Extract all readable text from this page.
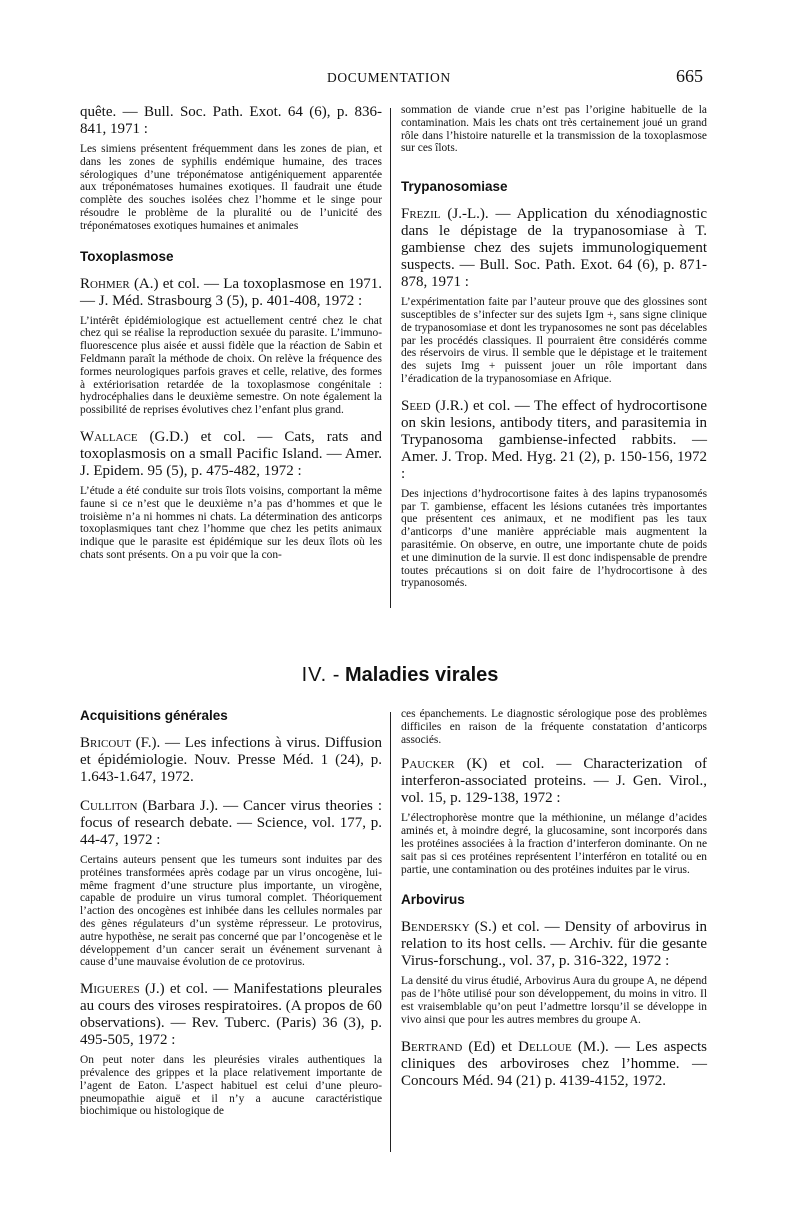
DOCUMENTATION	665

quête. — Bull. Soc. Path. Exot. 64 (6), p. 836-841, 1971 :

Les simiens présentent fréquemment dans les zones de pian, et dans les zones de syphilis endémique humaine, des traces sérologiques d’une tréponématose antigéniquement apparentée aux tréponématoses humaines exotiques. Il faudrait une étude complète des souches isolées chez l’homme et le singe pour résoudre le problème de la pluralité ou de l’unicité des tréponématoses exotiques humaines et animales

Toxoplasmose

Rohmer (A.) et col. — La toxoplasmose en 1971. — J. Méd. Strasbourg 3 (5), p. 401-408, 1972 :

L’intérêt épidémiologique est actuellement centré chez le chat chez qui se réalise la reproduction sexuée du parasite. L’immuno-fluorescence plus aisée et aussi fidèle que la réaction de Sabin et Feldmann paraît la méthode de choix. On relève la fréquence des formes neurologiques parfois graves et celle, relative, des formes à extériorisation retardée de la toxoplasmose congénitale : hydrocéphalies dans le deuxième semestre. On note également la possibilité de reprises évolutives chez l’enfant plus grand.

Wallace (G.D.) et col. — Cats, rats and toxoplasmosis on a small Pacific Island. — Amer. J. Epidem. 95 (5), p. 475-482, 1972 :

L’étude a été conduite sur trois îlots voisins, comportant la même faune si ce n’est que le deuxième n’a pas d’hommes et que le troisième n’a ni hommes ni chats. La détermination des anticorps toxoplasmiques tant chez l’homme que chez les petits animaux indique que le parasite est épidémique sur les deux îlots où les chats sont présents. On a pu voir que la con-

sommation de viande crue n’est pas l’origine habituelle de la contamination. Mais les chats ont très certainement joué un grand rôle dans l’histoire naturelle et la transmission de la toxoplasmose sur ces îlots.

Trypanosomiase

Frezil (J.-L.). — Application du xénodiagnostic dans le dépistage de la trypanosomiase à T. gambiense chez des sujets immunologiquement suspects. — Bull. Soc. Path. Exot. 64 (6), p. 871-878, 1971 :

L’expérimentation faite par l’auteur prouve que des glossines sont susceptibles de s’infecter sur des sujets Igm +, sans signe clinique de trypanosomiase et dont les trypanosomes ne sont pas décelables par les procédés classiques. Il pourraient être considérés comme des réservoirs de virus. Il semble que le dépistage et le traitement des sujets Img + puissent jouer un rôle important dans l’éradication de la trypanosomiase en Afrique.

Seed (J.R.) et col. — The effect of hydrocortisone on skin lesions, antibody titers, and parasitemia in Trypanosoma gambiense-infected rabbits. — Amer. J. Trop. Med. Hyg. 21 (2), p. 150-156, 1972 :

Des injections d’hydrocortisone faites à des lapins trypanosomés par T. gambiense, effacent les lésions cutanées très importantes que présentent ces animaux, et ne modifient pas les taux d’anticorps d’une manière appréciable mais augmentent la parasitémie. On observe, en outre, une importante chute de poids et une diminution de la survie. Il est donc indispensable de prendre toutes précautions si on doit faire de l’hydrocortisone à des trypanosomés.

IV. - Maladies virales
Acquisitions générales

Bricout (F.). — Les infections à virus. Diffusion et épidémiologie. Nouv. Presse Méd. 1 (24), p. 1.643-1.647, 1972.

Culliton (Barbara J.). — Cancer virus theories : focus of research debate. — Science, vol. 177, p. 44-47, 1972 :

Certains auteurs pensent que les tumeurs sont induites par des protéines transformées après codage par un virus oncogène, lui-même fragment d’une structure plus importante, un virogène, capable de produire un virus tumoral complet. Théoriquement l’action des oncogènes est inhibée dans les cellules normales par des gènes régulateurs d’un système répresseur. Le protovirus, autre hypothèse, ne serait pas concerné que par l’oncogenèse et le développement d’un cancer serait un événement survenant à cause d’une mauvaise évolution de ce protovirus.

Migueres (J.) et col. — Manifestations pleurales au cours des viroses respiratoires. (A propos de 60 observations). — Rev. Tuberc. (Paris) 36 (3), p. 495-505, 1972 :

On peut noter dans les pleurésies virales authentiques la prévalence des grippes et la place relativement importante de l’agent de Eaton. L’aspect habituel est celui d’une pleuro-pneumopathie aiguë et il n’y a aucune caractéristique biochimique ou histologique de

ces épanchements. Le diagnostic sérologique pose des problèmes difficiles en raison de la fréquente constatation d’anticorps associés.

Paucker (K) et col. — Characterization of interferon-associated proteins. — J. Gen. Virol., vol. 15, p. 129-138, 1972 :

L’électrophorèse montre que la méthionine, un mélange d’acides aminés et, à moindre degré, la glucosamine, sont incorporés dans les protéines associées à la fraction d’interferon dominante. On ne sait pas si ces protéines représentent l’interféron en totalité ou en partie, une contamination ou des protéines induites par le virus.

Arbovirus

Bendersky (S.) et col. — Density of arbovirus in relation to its host cells. — Archiv. für die gesante Virus-forschung., vol. 37, p. 316-322, 1972 :

La densité du virus étudié, Arbovirus Aura du groupe A, ne dépend pas de l’hôte utilisé pour son développement, du moins in vitro. Il est vraisemblable qu’on peut l’admettre lorsqu’il se développe in vivo ainsi que pour les autres membres du groupe A.

Bertrand (Ed) et Delloue (M.). — Les aspects cliniques des arboviroses chez l’homme. — Concours Méd. 94 (21) p. 4139-4152, 1972.
